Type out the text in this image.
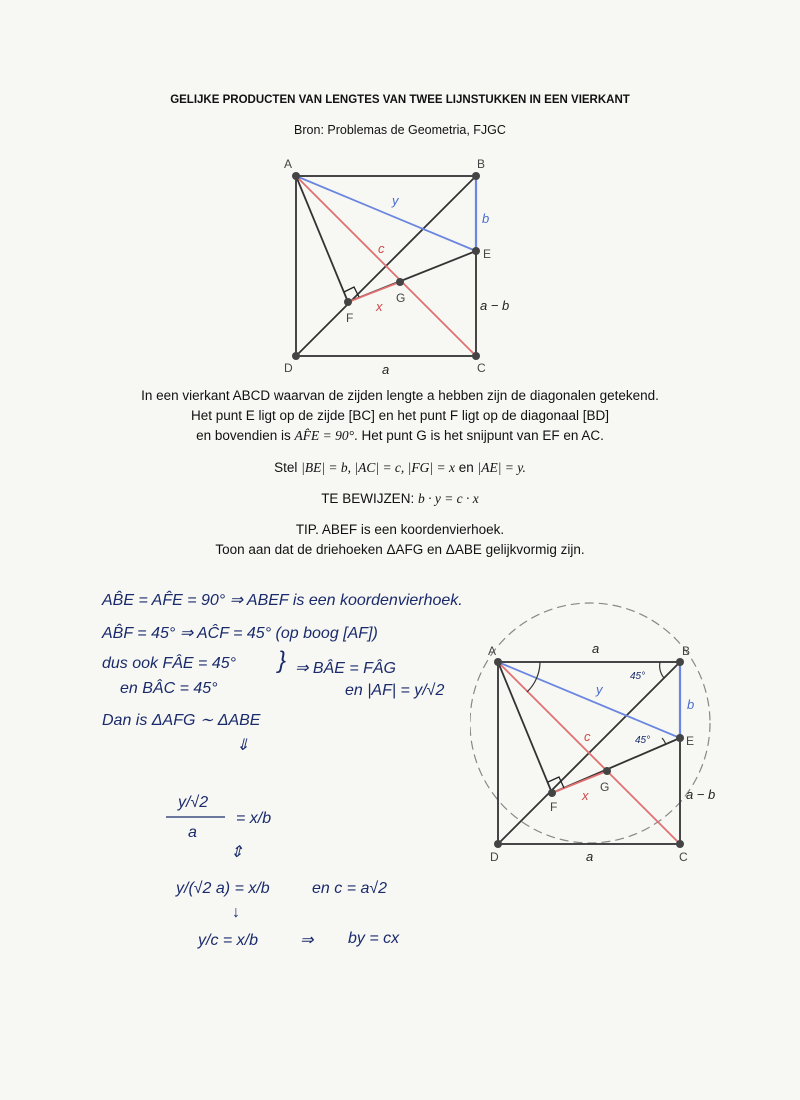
GELIJKE PRODUCTEN VAN LENGTES VAN TWEE LIJNSTUKKEN IN EEN VIERKANT
Bron: Problemas de Geometria, FJGC
A	B
C
D
E
F
G
y
b
c
x	a − b
a
In een vierkant ABCD waarvan de zijden lengte a hebben zijn de diagonalen getekend.
Het punt E ligt op de zijde [BC] en het punt F ligt op de diagonaal [BD]
en bovendien is AF̂E = 90°. Het punt G is het snijpunt van EF en AC.
Stel |BE| = b, |AC| = c, |FG| = x en |AE| = y.
TE BEWIJZEN: b · y = c · x
TIP. ABEF is een koordenvierhoek.
Toon aan dat de driehoeken ΔAFG en ΔABE gelijkvormig zijn.
AB̂E = AF̂E = 90° ⇒ ABEF is een koordenvierhoek.
AB̂F = 45° ⇒ AĈF = 45° (op boog [AF])
dus ook FÂE = 45° } ⇒ BÂE = FÂG
en BÂC = 45°	en |AF| = y/√2
Dan is ΔAFG ∼ ΔABE
⇓
y/√2
a
= x/b
⇕
y/(√2 a) = x/b	en c = a√2
↓
y/c = x/b	⇒ by = cx
A	B
C
D
E
F
G
a
y
b
c
x	a − b
a
45°
45°
